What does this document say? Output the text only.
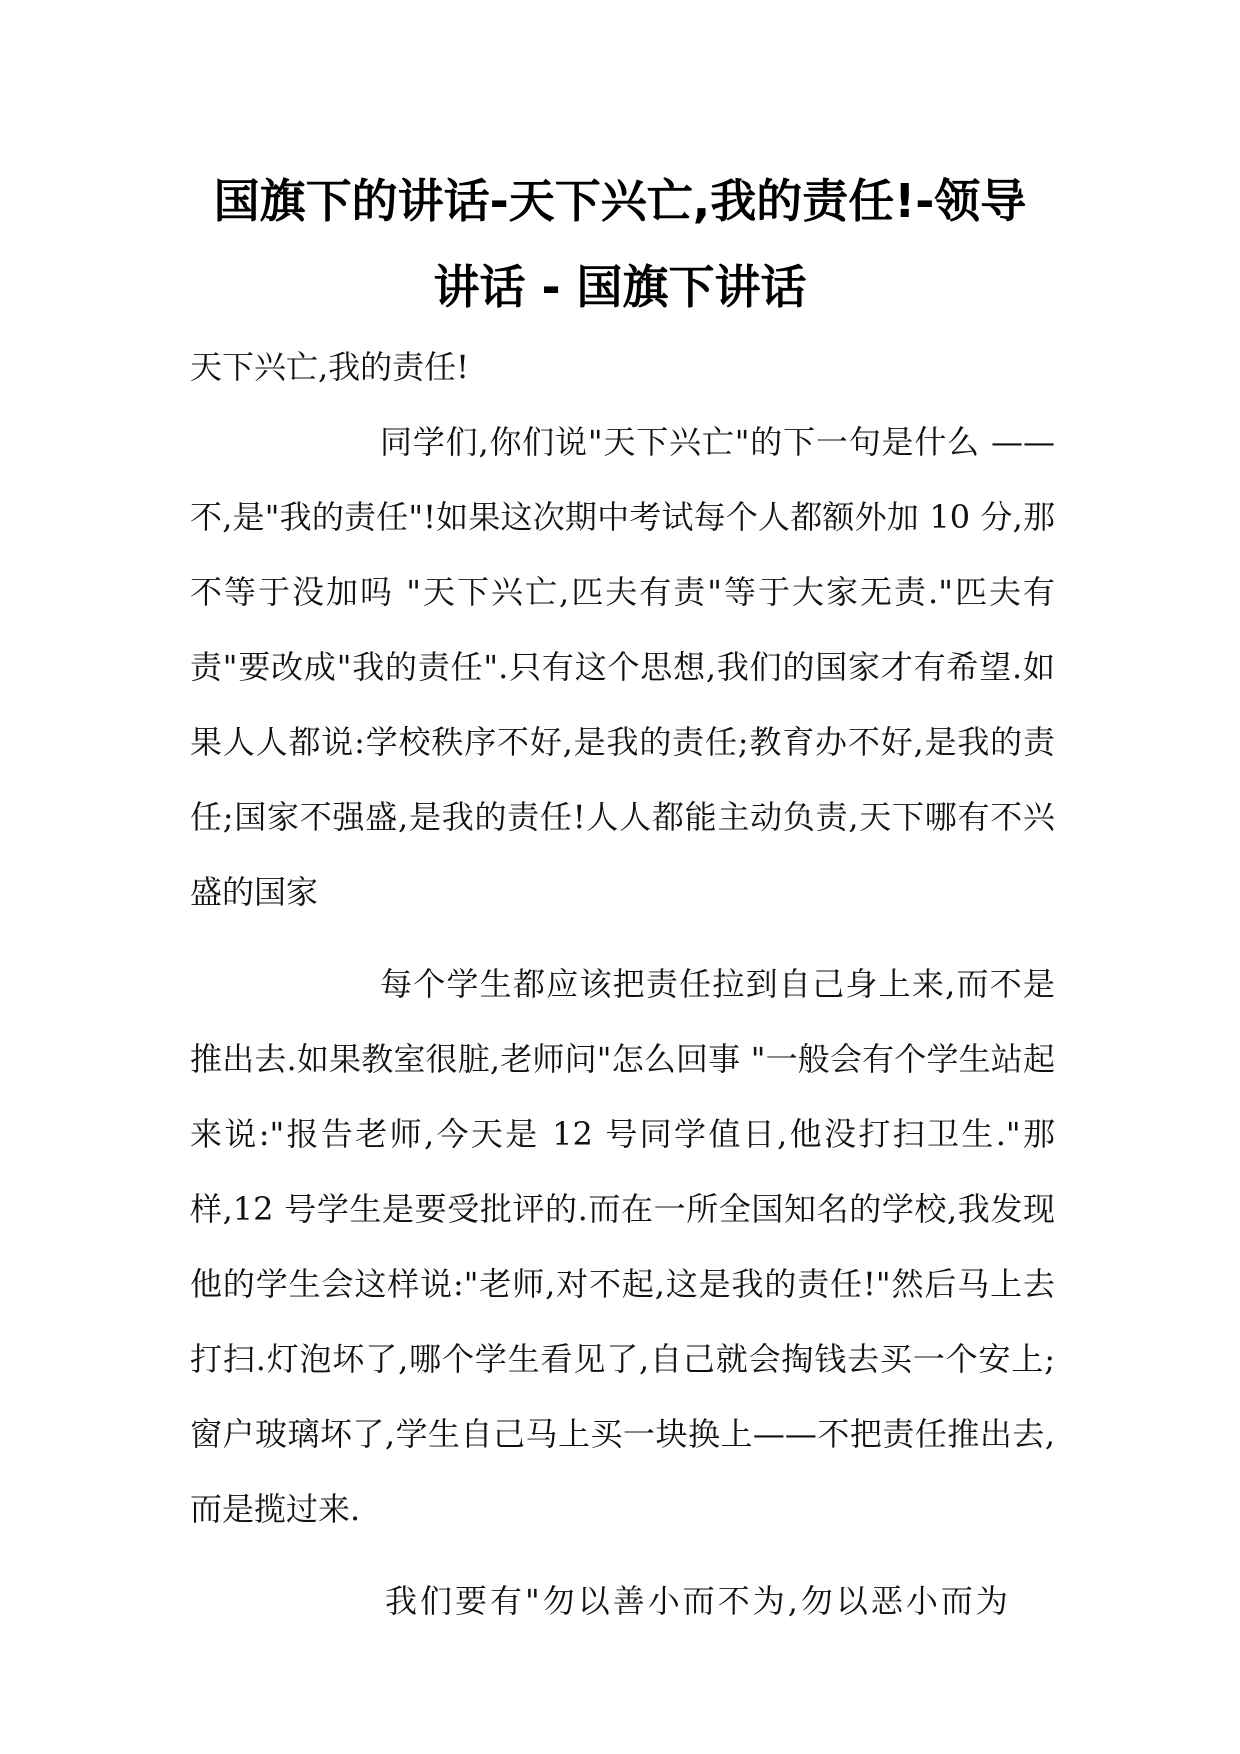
国旗下的讲话-天下兴亡,我的责任!-领导
讲话 - 国旗下讲话

天下兴亡,我的责任!

同学们,你们说"天下兴亡"的下一句是什么 ——不,是"我的责任"!如果这次期中考试每个人都额外加 10 分,那不等于没加吗 "天下兴亡,匹夫有责"等于大家无责."匹夫有责"要改成"我的责任".只有这个思想,我们的国家才有希望.如果人人都说:学校秩序不好,是我的责任;教育办不好,是我的责任;国家不强盛,是我的责任!人人都能主动负责,天下哪有不兴盛的国家

每个学生都应该把责任拉到自己身上来,而不是推出去.如果教室很脏,老师问"怎么回事 "一般会有个学生站起来说:"报告老师,今天是 12 号同学值日,他没打扫卫生."那样,12 号学生是要受批评的.而在一所全国知名的学校,我发现他的学生会这样说:"老师,对不起,这是我的责任!"然后马上去打扫.灯泡坏了,哪个学生看见了,自己就会掏钱去买一个安上;窗户玻璃坏了,学生自己马上买一块换上——不把责任推出去,而是揽过来.

我们要有"勿以善小而不为,勿以恶小而为
